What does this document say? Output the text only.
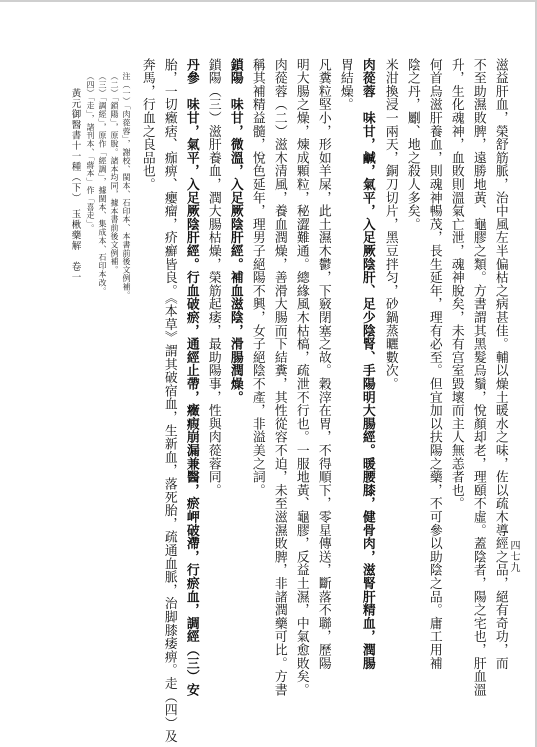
黃元御醫書十一種（下）　玉楸藥解　卷一	滋益肝血，榮舒筋脈，治中風左半偏枯之病甚佳。輔以燥土暖水之味，佐以疏木導經之品，絕有奇功，而
不至助濕敗脾，遠勝地黃、龜膠之類。方書謂其黑髮烏鬚，悅顏却老，理頤不虛。蓋陰者，陽之宅也，肝血溫
升，生化魂神，血敗則溫氣亡泄，魂神脫矣，未有宫室毀壞而主人無恙者也。
何首烏滋肝養血，則魂神暢茂，長生延年，理有必至。但宜加以扶陽之藥，不可參以助陰之品。庸工用補
陰之丹，劚、地之殺人多矣。
米泔換浸一兩天，銅刀切片，黑豆拌匀，砂鍋蒸曬數次。
肉蓯蓉　味甘，鹹，氣平，入足厥陰肝、足少陰腎、手陽明大腸經。暖腰膝，健骨肉，滋腎肝精血，潤腸
胃結燥。
凡糞粒堅小，形如羊屎，此土濕木鬱，下竅閉塞之故。穀滓在胃，不得順下，零星傳送，斷落不聯，歷陽
明大腸之燥，煉成顆粒，秘澀難通。總緣風木枯槁，疏泄不行也。一服地黃、龜膠，反益土濕，中氣愈敗矣。
肉蓯蓉（二）滋木清風，養血潤燥，善滑大腸而下結糞，其性從容不迫，未至滋濕敗脾，非諸潤藥可比。方書
稱其補精益髓，悅色延年，理男子絕陽不興，女子絕陰不產，非溢美之詞。
鎖陽　味甘，微溫，入足厥陰肝經。補血滋陰，滑腸潤燥。
鎖陽（三）滋肝養血，潤大腸枯燥，榮筋起痿，最助陽事，性與肉蓯蓉同。
丹參　味甘，氣平，入足厥陰肝經。行血破瘀，通經止帶，癥瘕崩漏兼醫，瘀岬破滯，行瘀血，調經（三）安
胎，一切癥痞、痂痹、癭瘤，疥癬皆良。《本草》謂其破宿血，生新血，落死胎，疏通血脈，治脚膝痿痹。走（四）及
奔馬，行血之良品也。
注（一）「肉蓯蓉」，謝校、閩本、石印本、本書前後文例補。
（二）「鎖陽」，原脫。諸本均同，據本書前後文例補。
（三）「調經」，原作「經調」，據閩本、集成本、石印本改。
（四）「走」，諸刊本、「蔣本」作「喜走」。
四七九
